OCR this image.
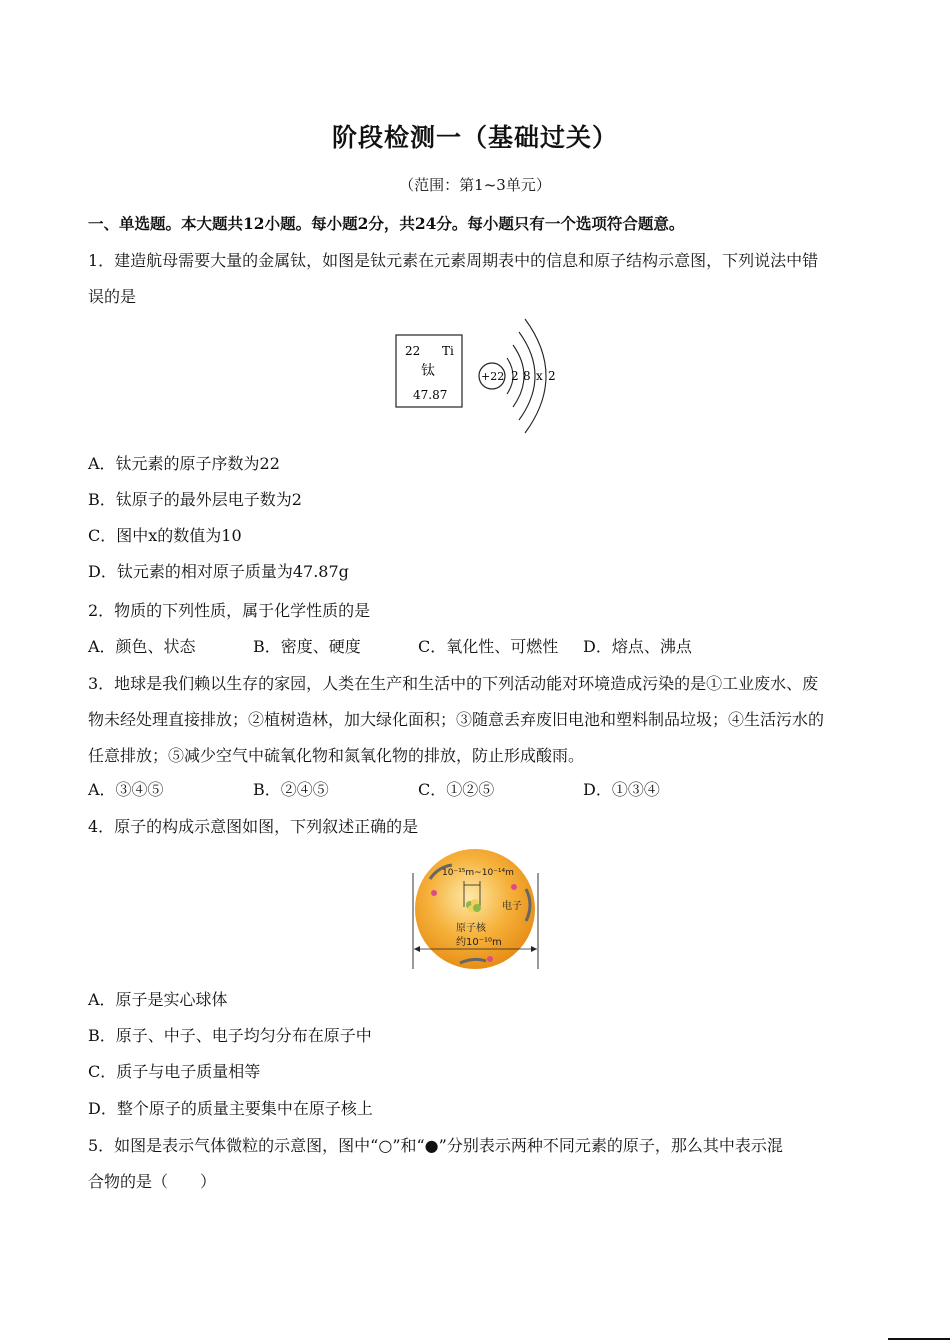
阶段检测一（基础过关）
（范围：第1~3单元）
一、单选题。本大题共12小题。每小题2分，共24分。每小题只有一个选项符合题意。
1．建造航母需要大量的金属钛，如图是钛元素在元素周期表中的信息和原子结构示意图，下列说法中错
误的是
22 Ti
钛
47.87
+22 2 8 x 2
A．钛元素的原子序数为22
B．钛原子的最外层电子数为2
C．图中x的数值为10
D．钛元素的相对原子质量为47.87g
2．物质的下列性质，属于化学性质的是
A．颜色、状态	B．密度、硬度	C．氧化性、可燃性 D．熔点、沸点
3．地球是我们赖以生存的家园，人类在生产和生活中的下列活动能对环境造成污染的是①工业废水、废
物未经处理直接排放；②植树造林，加大绿化面积；③随意丢弃废旧电池和塑料制品垃圾；④生活污水的
任意排放；⑤减少空气中硫氧化物和氮氧化物的排放，防止形成酸雨。
A．③④⑤	B．②④⑤	C．①②⑤	D．①③④
4．原子的构成示意图如图，下列叙述正确的是
10⁻¹⁵m~10⁻¹⁴m
电子
原子核
约10⁻¹⁰m
A．原子是实心球体
B．原子、中子、电子均匀分布在原子中
C．质子与电子质量相等
D．整个原子的质量主要集中在原子核上
5．如图是表示气体微粒的示意图，图中“○”和“●”分别表示两种不同元素的原子，那么其中表示混
合物的是（　　）
